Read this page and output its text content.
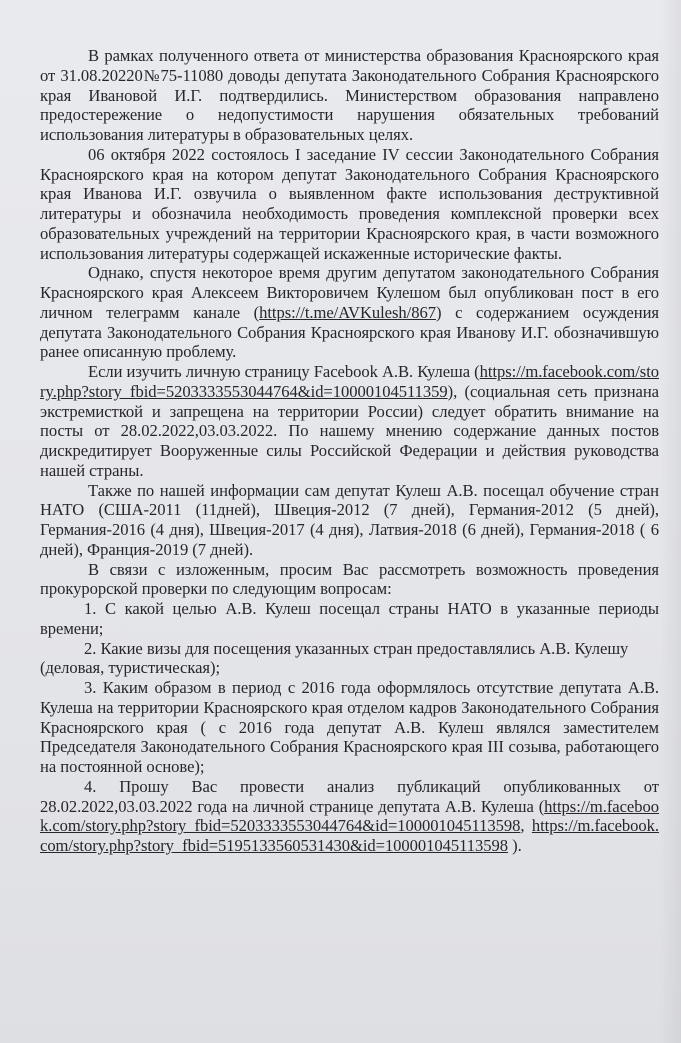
В рамках полученного ответа от министерства образования Красноярского края от 31.08.20220№75-11080 доводы депутата Законодательного Собрания Красноярского края Ивановой И.Г. подтвердились. Министерством образования направлено предостережение о недопустимости нарушения обязательных требований использования литературы в образовательных целях.

06 октября 2022 состоялось I заседание IV сессии Законодательного Собрания Красноярского края на котором депутат Законодательного Собрания Красноярского края Иванова И.Г. озвучила о выявленном факте использования деструктивной литературы и обозначила необходимость проведения комплексной проверки всех образовательных учреждений на территории Красноярского края, в части возможного использования литературы содержащей искаженные исторические факты.

Однако, спустя некоторое время другим депутатом законодательного Собрания Красноярского края Алексеем Викторовичем Кулешом был опубликован пост в его личном телеграмм канале (https://t.me/AVKulesh/867) с содержанием осуждения депутата Законодательного Собрания Красноярского края Иванову И.Г. обозначившую ранее описанную проблему.

Если изучить личную страницу Facebook А.В. Кулеша (https://m.facebook.com/story.php?story_fbid=5203333553044764&id=10000104511359), (социальная сеть признана экстремисткой и запрещена на территории России) следует обратить внимание на посты от 28.02.2022,03.03.2022. По нашему мнению содержание данных постов дискредитирует Вооруженные силы Российской Федерации и действия руководства нашей страны.

Также по нашей информации сам депутат Кулеш А.В. посещал обучение стран НАТО (США-2011 (11дней), Швеция-2012 (7 дней), Германия-2012 (5 дней), Германия-2016 (4 дня), Швеция-2017 (4 дня), Латвия-2018 (6 дней), Германия-2018 ( 6 дней), Франция-2019 (7 дней).

В связи с изложенным, просим Вас рассмотреть возможность проведения прокурорской проверки по следующим вопросам:

1. С какой целью А.В. Кулеш посещал страны НАТО в указанные периоды времени;

2. Какие визы для посещения указанных стран предоставлялись А.В. Кулешу

(деловая, туристическая);

3. Каким образом в период с 2016 года оформлялось отсутствие депутата А.В. Кулеша на территории Красноярского края отделом кадров Законодательного Собрания Красноярского края ( с 2016 года депутат А.В. Кулеш являлся заместителем Председателя Законодательного Собрания Красноярского края III созыва, работающего на постоянной основе);

4. Прошу Вас провести анализ публикаций опубликованных от 28.02.2022,03.03.2022 года на личной странице депутата А.В. Кулеша (https://m.facebook.com/story.php?story_fbid=5203333553044764&id=100001045113598, https://m.facebook.com/story.php?story_fbid=5195133560531430&id=100001045113598 ).
